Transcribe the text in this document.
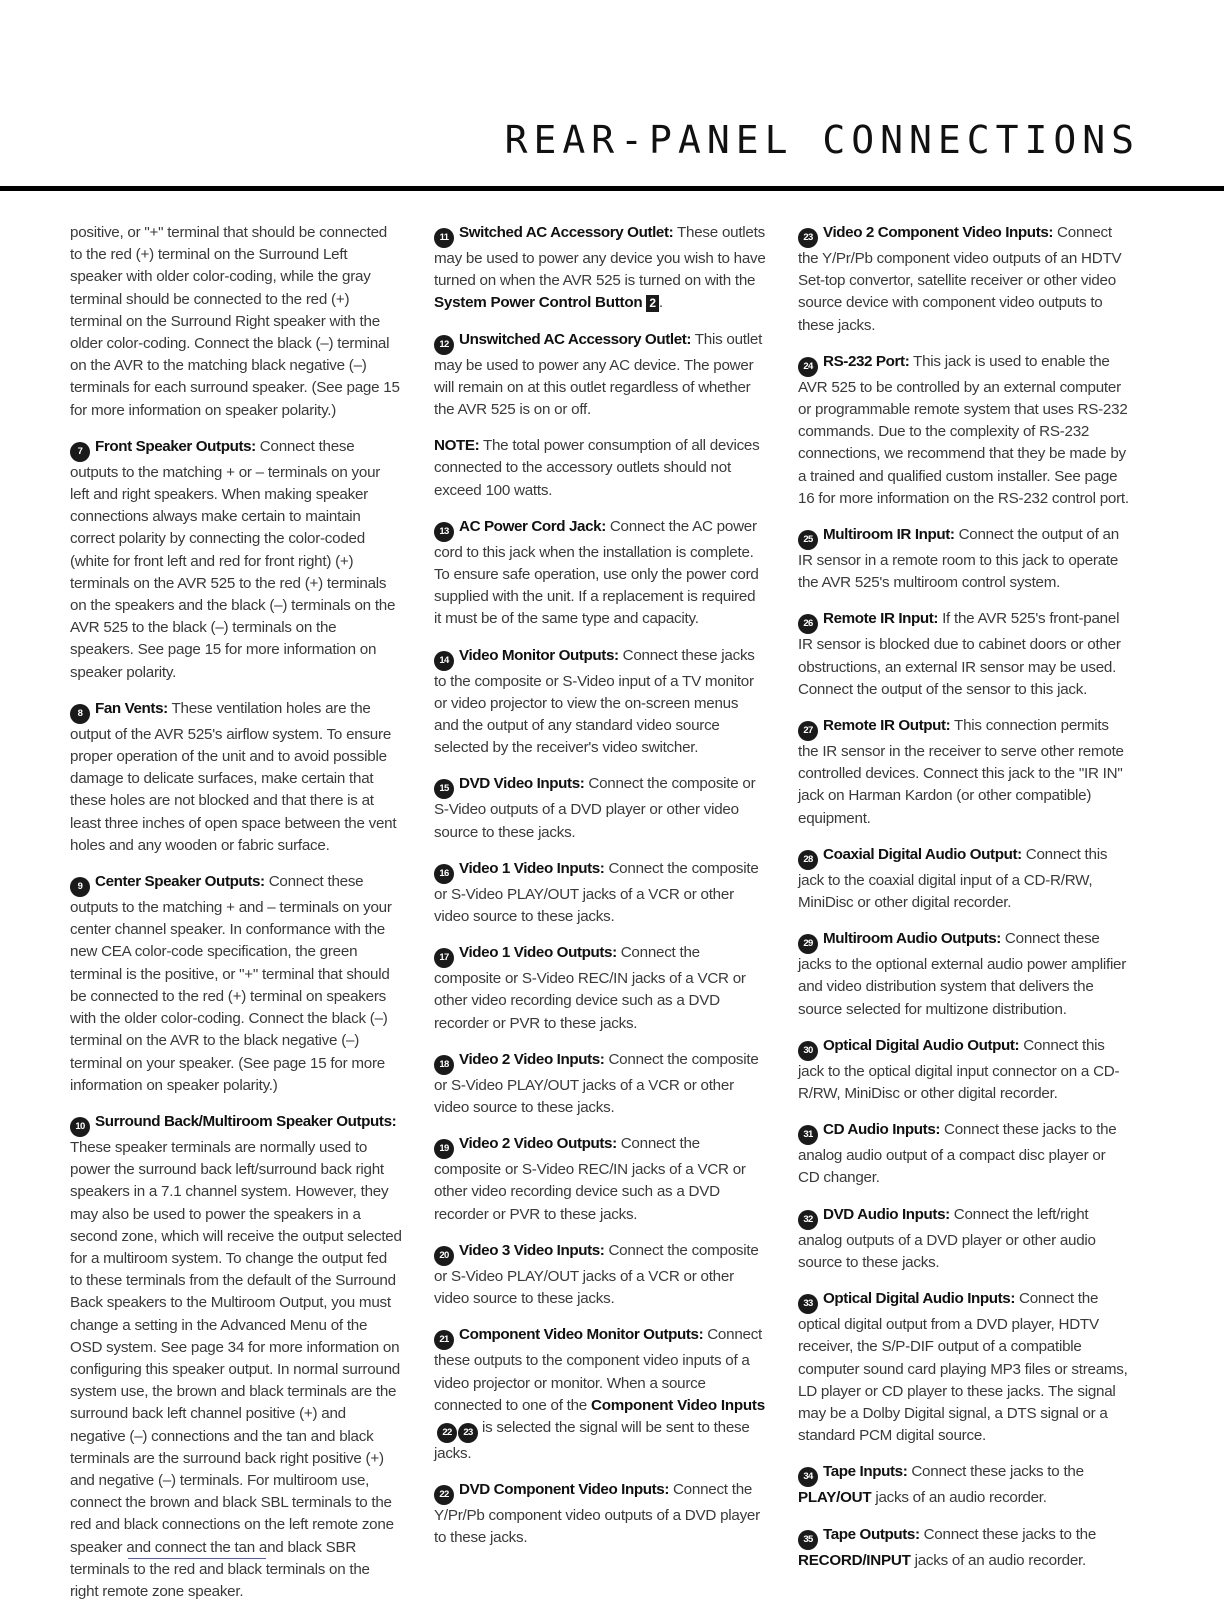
REAR-PANEL CONNECTIONS

positive, or "+" terminal that should be connected to the red (+) terminal on the Surround Left speaker with older color-coding, while the gray terminal should be connected to the red (+) terminal on the Surround Right speaker with the older color-coding. Connect the black (–) terminal on the AVR to the matching black negative (–) terminals for each surround speaker. (See page 15 for more information on speaker polarity.)

7 Front Speaker Outputs: Connect these outputs to the matching + or – terminals on your left and right speakers. When making speaker connections always make certain to maintain correct polarity by connecting the color-coded (white for front left and red for front right) (+) terminals on the AVR 525 to the red (+) terminals on the speakers and the black (–) terminals on the AVR 525 to the black (–) terminals on the speakers. See page 15 for more information on speaker polarity.

8 Fan Vents: These ventilation holes are the output of the AVR 525's airflow system. To ensure proper operation of the unit and to avoid possible damage to delicate surfaces, make certain that these holes are not blocked and that there is at least three inches of open space between the vent holes and any wooden or fabric surface.

9 Center Speaker Outputs: Connect these outputs to the matching + and – terminals on your center channel speaker. In conformance with the new CEA color-code specification, the green terminal is the positive, or "+" terminal that should be connected to the red (+) terminal on speakers with the older color-coding. Connect the black (–) terminal on the AVR to the black negative (–) terminal on your speaker. (See page 15 for more information on speaker polarity.)

10 Surround Back/Multiroom Speaker Outputs: These speaker terminals are normally used to power the surround back left/surround back right speakers in a 7.1 channel system. However, they may also be used to power the speakers in a second zone, which will receive the output selected for a multiroom system. To change the output fed to these terminals from the default of the Surround Back speakers to the Multiroom Output, you must change a setting in the Advanced Menu of the OSD system. See page 34 for more information on configuring this speaker output. In normal surround system use, the brown and black terminals are the surround back left channel positive (+) and negative (–) connections and the tan and black terminals are the surround back right positive (+) and negative (–) terminals. For multiroom use, connect the brown and black SBL terminals to the red and black connections on the left remote zone speaker and connect the tan and black SBR terminals to the red and black terminals on the right remote zone speaker.

11 Switched AC Accessory Outlet: These outlets may be used to power any device you wish to have turned on when the AVR 525 is turned on with the System Power Control Button 2 .

12 Unswitched AC Accessory Outlet: This outlet may be used to power any AC device. The power will remain on at this outlet regardless of whether the AVR 525 is on or off.

NOTE: The total power consumption of all devices connected to the accessory outlets should not exceed 100 watts.

13 AC Power Cord Jack: Connect the AC power cord to this jack when the installation is complete. To ensure safe operation, use only the power cord supplied with the unit. If a replacement is required it must be of the same type and capacity.

14 Video Monitor Outputs: Connect these jacks to the composite or S-Video input of a TV monitor or video projector to view the on-screen menus and the output of any standard video source selected by the receiver's video switcher.

15 DVD Video Inputs: Connect the composite or S-Video outputs of a DVD player or other video source to these jacks.

16 Video 1 Video Inputs: Connect the composite or S-Video PLAY/OUT jacks of a VCR or other video source to these jacks.

17 Video 1 Video Outputs: Connect the composite or S-Video REC/IN jacks of a VCR or other video recording device such as a DVD recorder or PVR to these jacks.

18 Video 2 Video Inputs: Connect the composite or S-Video PLAY/OUT jacks of a VCR or other video source to these jacks.

19 Video 2 Video Outputs: Connect the composite or S-Video REC/IN jacks of a VCR or other video recording device such as a DVD recorder or PVR to these jacks.

20 Video 3 Video Inputs: Connect the composite or S-Video PLAY/OUT jacks of a VCR or other video source to these jacks.

21 Component Video Monitor Outputs: Connect these outputs to the component video inputs of a video projector or monitor. When a source connected to one of the Component Video Inputs22 23 is selected the signal will be sent to these jacks.

22 DVD Component Video Inputs: Connect the Y/Pr/Pb component video outputs of a DVD player to these jacks.

23 Video 2 Component Video Inputs: Connect the Y/Pr/Pb component video outputs of an HDTV Set-top convertor, satellite receiver or other video source device with component video outputs to these jacks.

24 RS-232 Port: This jack is used to enable the AVR 525 to be controlled by an external computer or programmable remote system that uses RS-232 commands. Due to the complexity of RS-232 connections, we recommend that they be made by a trained and qualified custom installer. See page 16 for more information on the RS-232 control port.

25 Multiroom IR Input: Connect the output of an IR sensor in a remote room to this jack to operate the AVR 525's multiroom control system.

26 Remote IR Input: If the AVR 525's front-panel IR sensor is blocked due to cabinet doors or other obstructions, an external IR sensor may be used. Connect the output of the sensor to this jack.

27 Remote IR Output: This connection permits the IR sensor in the receiver to serve other remote controlled devices. Connect this jack to the "IR IN" jack on Harman Kardon (or other compatible) equipment.

28 Coaxial Digital Audio Output: Connect this jack to the coaxial digital input of a CD-R/RW, MiniDisc or other digital recorder.

29 Multiroom Audio Outputs: Connect these jacks to the optional external audio power amplifier and video distribution system that delivers the source selected for multizone distribution.

30 Optical Digital Audio Output: Connect this jack to the optical digital input connector on a CD-R/RW, MiniDisc or other digital recorder.

31 CD Audio Inputs: Connect these jacks to the analog audio output of a compact disc player or CD changer.

32 DVD Audio Inputs: Connect the left/right analog outputs of a DVD player or other audio source to these jacks.

33 Optical Digital Audio Inputs: Connect the optical digital output from a DVD player, HDTV receiver, the S/P-DIF output of a compatible computer sound card playing MP3 files or streams, LD player or CD player to these jacks. The signal may be a Dolby Digital signal, a DTS signal or a standard PCM digital source.

34 Tape Inputs: Connect these jacks to the PLAY/OUT jacks of an audio recorder.

35 Tape Outputs: Connect these jacks to the RECORD/INPUT jacks of an audio recorder.
